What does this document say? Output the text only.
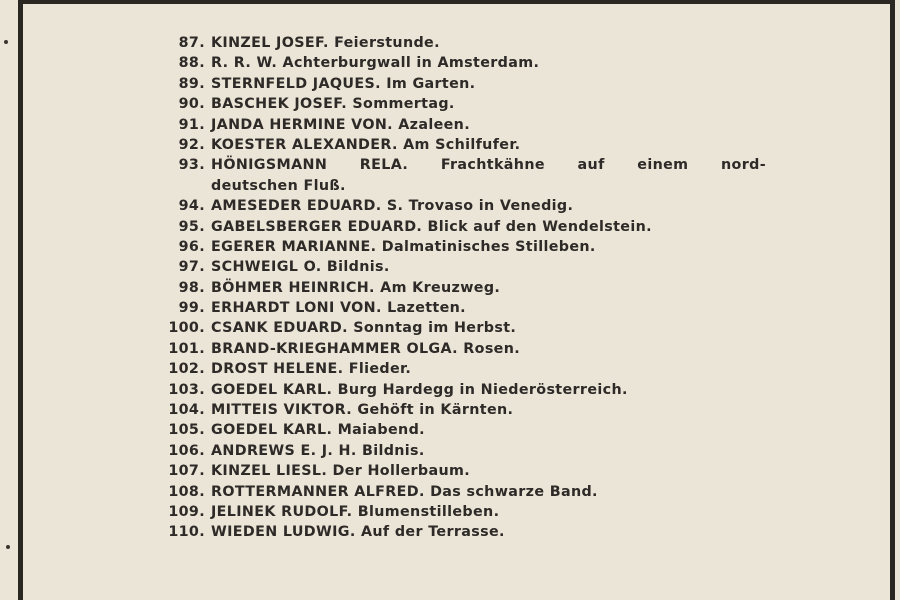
87. KINZEL JOSEF. Feierstunde.
88. R. R. W. Achterburgwall in Amsterdam.
89. STERNFELD JAQUES. Im Garten.
90. BASCHEK JOSEF. Sommertag.
91. JANDA HERMINE VON. Azaleen.
92. KOESTER ALEXANDER. Am Schilfufer.
93. HÖNIGSMANN RELA. Frachtkähne auf einem nord-
deutschen Fluß.
94. AMESEDER EDUARD. S. Trovaso in Venedig.
95. GABELSBERGER EDUARD. Blick auf den Wendelstein.
96. EGERER MARIANNE. Dalmatinisches Stilleben.
97. SCHWEIGL O. Bildnis.
98. BÖHMER HEINRICH. Am Kreuzweg.
99. ERHARDT LONI VON. Lazetten.
100. CSANK EDUARD. Sonntag im Herbst.
101. BRAND-KRIEGHAMMER OLGA. Rosen.
102. DROST HELENE. Flieder.
103. GOEDEL KARL. Burg Hardegg in Niederösterreich.
104. MITTEIS VIKTOR. Gehöft in Kärnten.
105. GOEDEL KARL. Maiabend.
106. ANDREWS E. J. H. Bildnis.
107. KINZEL LIESL. Der Hollerbaum.
108. ROTTERMANNER ALFRED. Das schwarze Band.
109. JELINEK RUDOLF. Blumenstilleben.
110. WIEDEN LUDWIG. Auf der Terrasse.
